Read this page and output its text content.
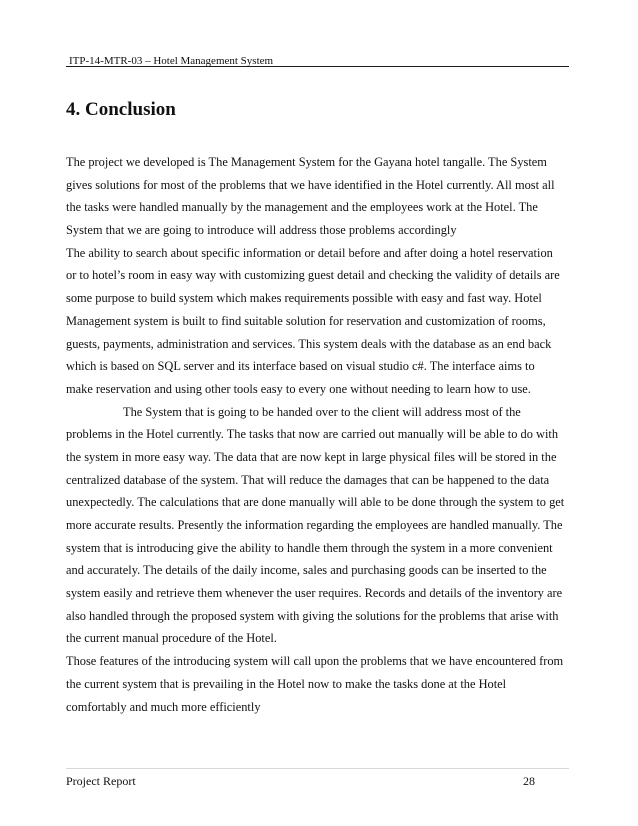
ITP-14-MTR-03 – Hotel Management System
4. Conclusion
The project we developed is The Management System for the Gayana hotel tangalle. The System
gives solutions for most of the problems that we have identified in the Hotel currently. All most all
the tasks were handled manually by the management and the employees work at the Hotel. The
System that we are going to introduce will address those problems accordingly
The ability to search about specific information or detail before and after doing a hotel reservation
or to hotel’s room in easy way with customizing guest detail and checking the validity of details are
some purpose to build system which makes requirements possible with easy and fast way. Hotel
Management system is built to find suitable solution for reservation and customization of rooms,
guests, payments, administration and services. This system deals with the database as an end back
which is based on SQL server and its interface based on visual studio c#. The interface aims to
make reservation and using other tools easy to every one without needing to learn how to use.
The System that is going to be handed over to the client will address most of the
problems in the Hotel currently. The tasks that now are carried out manually will be able to do with
the system in more easy way. The data that are now kept in large physical files will be stored in the
centralized database of the system. That will reduce the damages that can be happened to the data
unexpectedly. The calculations that are done manually will able to be done through the system to get
more accurate results. Presently the information regarding the employees are handled manually. The
system that is introducing give the ability to handle them through the system in a more convenient
and accurately. The details of the daily income, sales and purchasing goods can be inserted to the
system easily and retrieve them whenever the user requires. Records and details of the inventory are
also handled through the proposed system with giving the solutions for the problems that arise with
the current manual procedure of the Hotel.
Those features of the introducing system will call upon the problems that we have encountered from
the current system that is prevailing in the Hotel now to make the tasks done at the Hotel
comfortably and much more efficiently
Project Report	28
